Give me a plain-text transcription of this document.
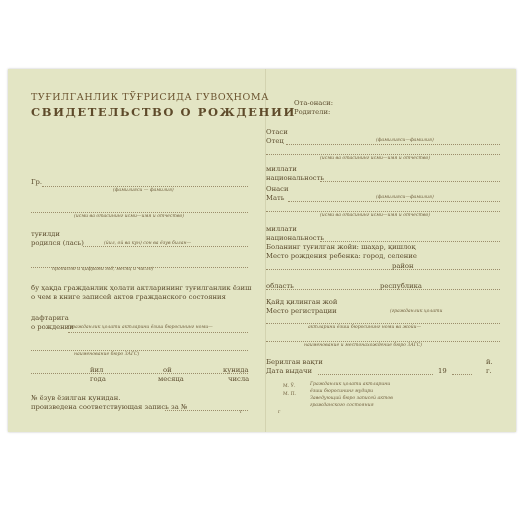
ТУҒИЛГАНЛИК ТЎҒРИСИДА ГУВОҲНОМА
СВИДЕТЕЛЬСТВО О РОЖДЕНИИ
Гр.
(фамилияси — фамилия)
(исми ва отасининг исми—имя и отчество)
туғилди
родился (лась)	(йил, ой ва кун) сон ва ёзув билан—
прописью и цифрами год, месяц и число)
бу ҳақда гражданлик ҳолати актларининг туғилганлик ёзиш
о чем в книге записей актов гражданского состояния
дафтарига
о рождении
(гражданлик ҳолати актларини ёзиш бюросининг номи—
наименование бюро ЗАГС)
йил
года
ой
месяца
кунида
числа
№ ёзув ёзилган кунидан.
произведена соответствующая запись за №
г
Ота-онаси:
Родители:
Отаси
Отец	(фамилияси—фамилия)
(исми ва отасининг исми—имя и отчество)
миллати
национальность
Онаси
Мать	(фамилияси—фамилия)
(исми ва отасининг исми—имя и отчество)
миллати
национальность
Боланинг туғилган жойи: шаҳар, қишлоқ
Место рождения ребенка: город, селение
район
область	республика
Қайд қилинган жой
Место регистрации	(гражданлик ҳолати
актларини ёзиш бюросининг номи ва жойи—
наименование и местонахождение бюро ЗАГС)
Берилган вақти
Дата выдачи	19
й.
г.
М. Ў.
М. П.
Гражданлик ҳолати актларини
ёзиш бюросининг мудири
Заведующий бюро записей актов
гражданского состояния
г
